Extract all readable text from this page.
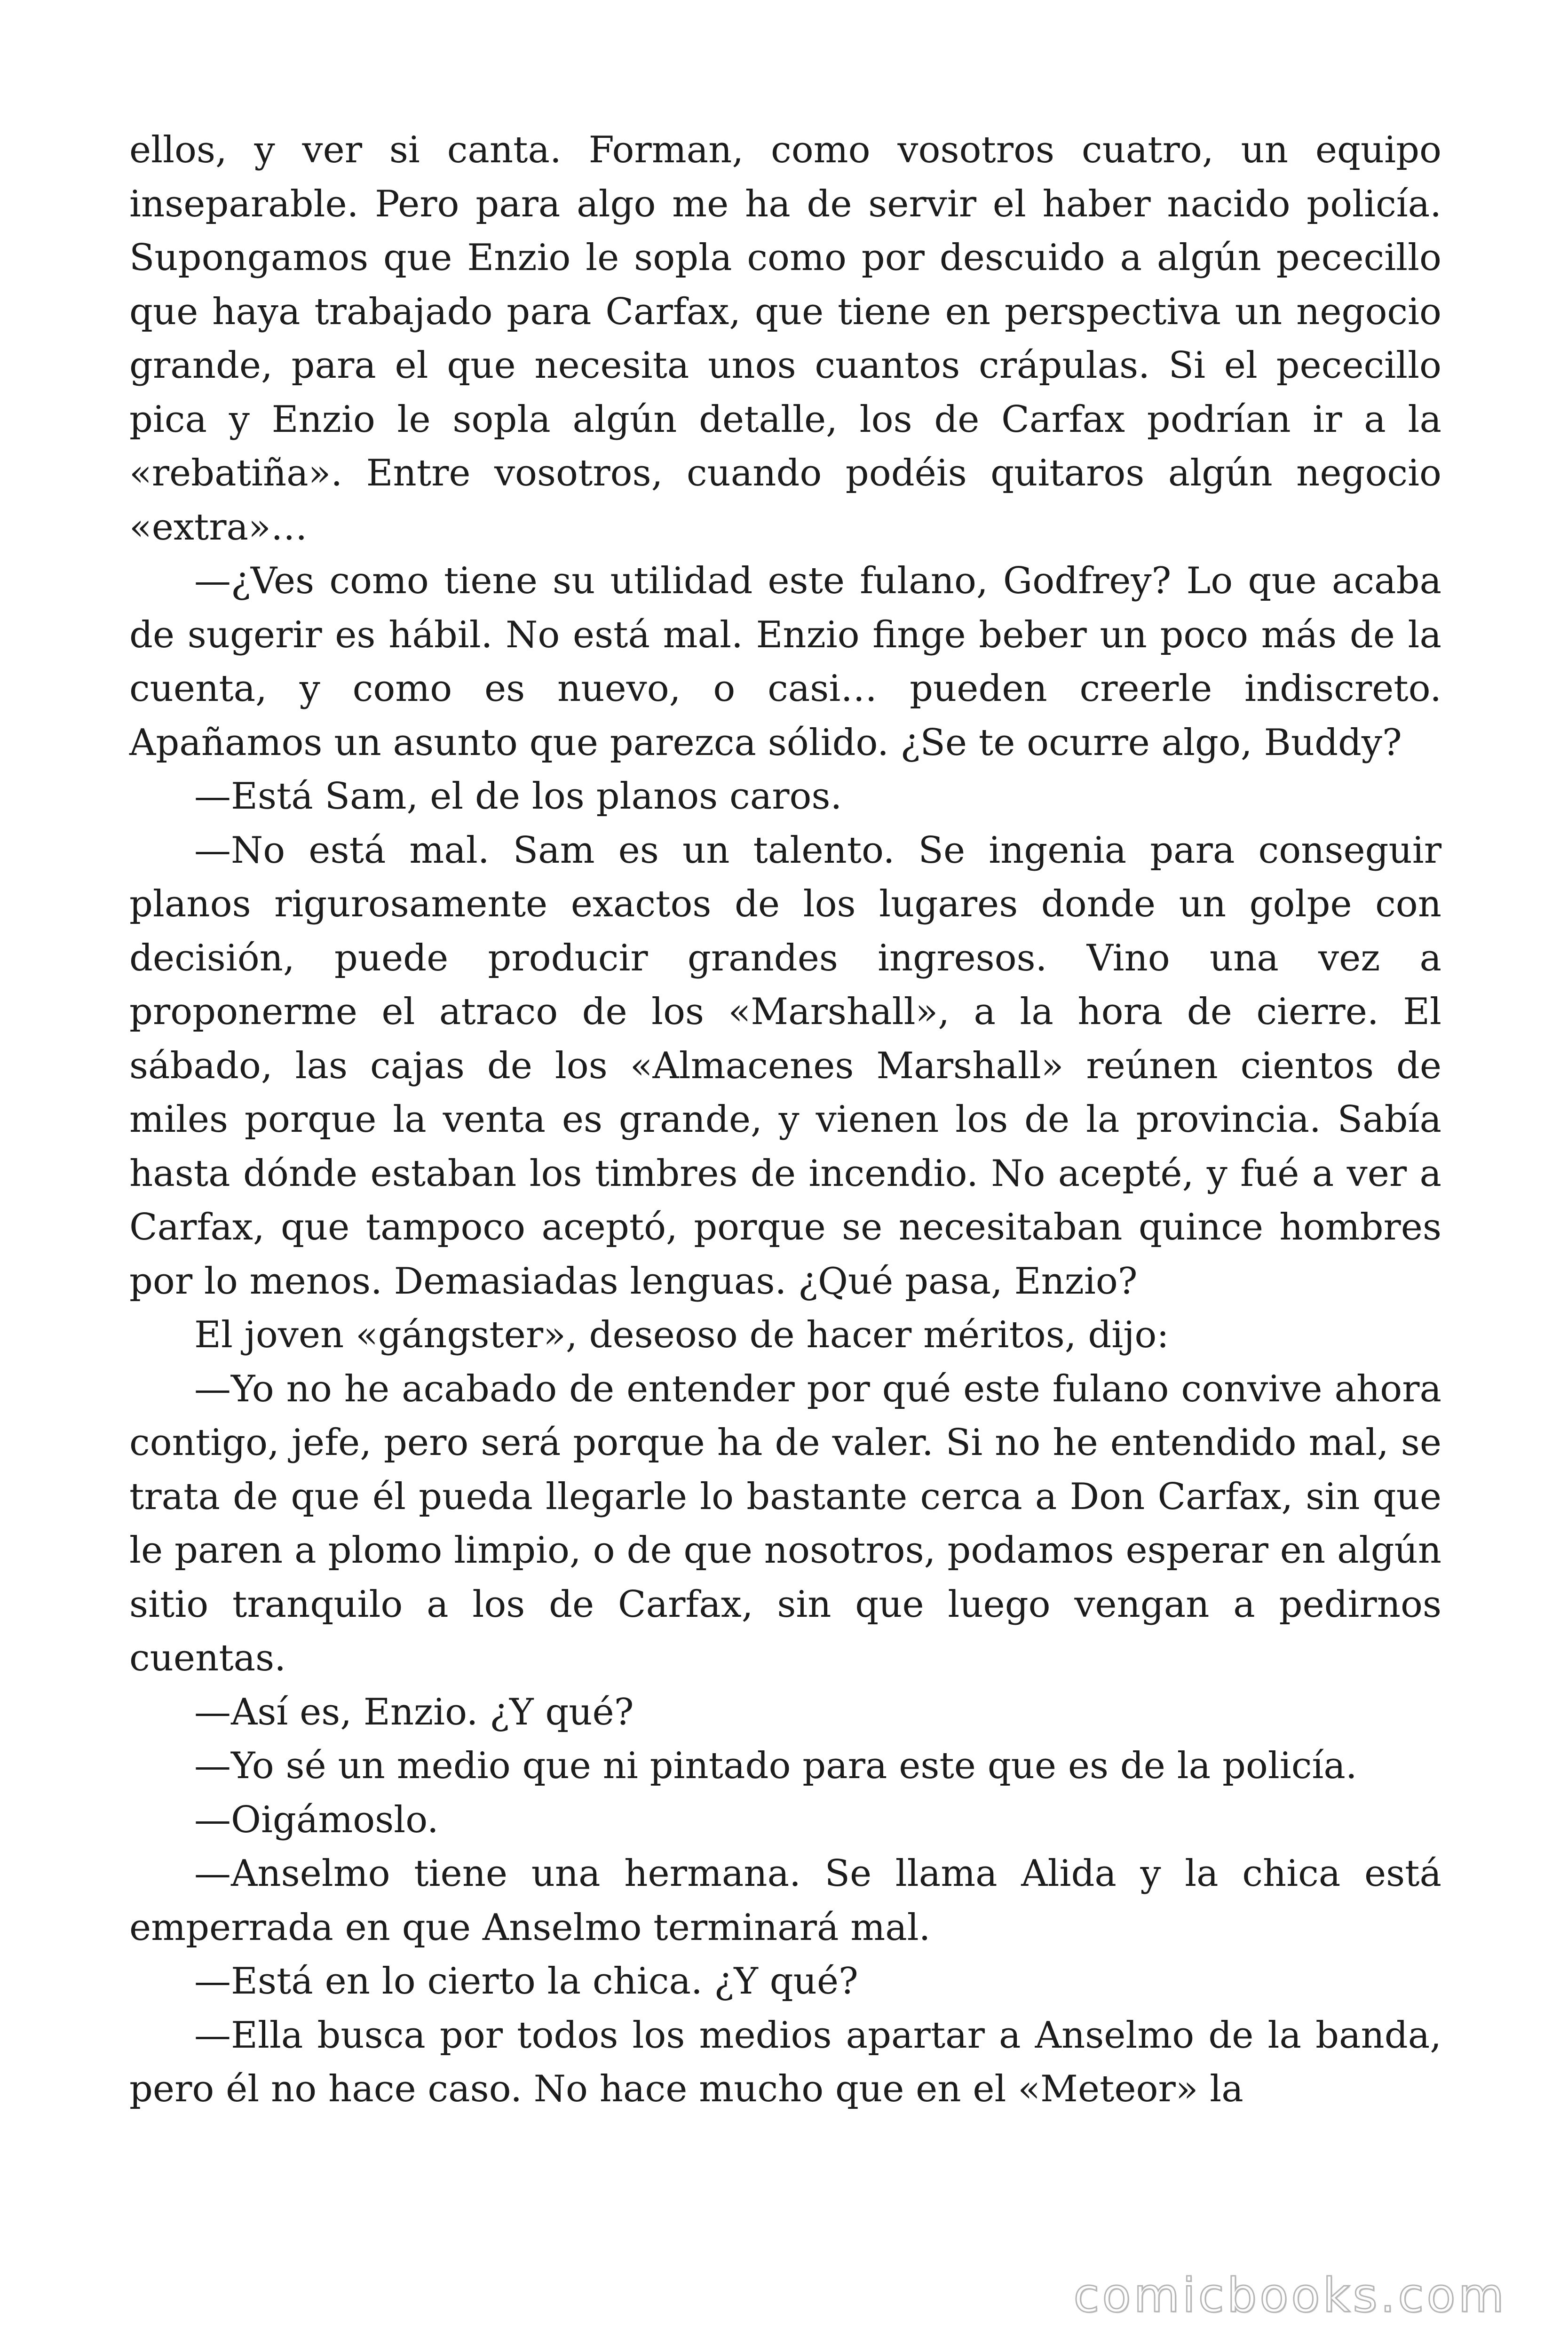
ellos, y ver si canta. Forman, como vosotros cuatro, un equipo inseparable. Pero para algo me ha de servir el haber nacido policía. Supongamos que Enzio le sopla como por descuido a algún pececillo que haya trabajado para Carfax, que tiene en perspectiva un negocio grande, para el que necesita unos cuantos crápulas. Si el pececillo pica y Enzio le sopla algún detalle, los de Carfax podrían ir a la «rebatiña». Entre vosotros, cuando podéis quitaros algún negocio «extra»…

—¿Ves como tiene su utilidad este fulano, Godfrey? Lo que acaba de sugerir es hábil. No está mal. Enzio finge beber un poco más de la cuenta, y como es nuevo, o casi… pueden creerle indiscreto. Apañamos un asunto que parezca sólido. ¿Se te ocurre algo, Buddy?

—Está Sam, el de los planos caros.

—No está mal. Sam es un talento. Se ingenia para conseguir planos rigurosamente exactos de los lugares donde un golpe con decisión, puede producir grandes ingresos. Vino una vez a proponerme el atraco de los «Marshall», a la hora de cierre. El sábado, las cajas de los «Almacenes Marshall» reúnen cientos de miles porque la venta es grande, y vienen los de la provincia. Sabía hasta dónde estaban los timbres de incendio. No acepté, y fué a ver a Carfax, que tampoco aceptó, porque se necesitaban quince hombres por lo menos. Demasiadas lenguas. ¿Qué pasa, Enzio?

El joven «gángster», deseoso de hacer méritos, dijo:

—Yo no he acabado de entender por qué este fulano convive ahora contigo, jefe, pero será porque ha de valer. Si no he entendido mal, se trata de que él pueda llegarle lo bastante cerca a Don Carfax, sin que le paren a plomo limpio, o de que nosotros, podamos esperar en algún sitio tranquilo a los de Carfax, sin que luego vengan a pedirnos cuentas.

—Así es, Enzio. ¿Y qué?

—Yo sé un medio que ni pintado para este que es de la policía.

—Oigámoslo.

—Anselmo tiene una hermana. Se llama Alida y la chica está emperrada en que Anselmo terminará mal.

—Está en lo cierto la chica. ¿Y qué?

—Ella busca por todos los medios apartar a Anselmo de la banda, pero él no hace caso. No hace mucho que en el «Meteor» la

comicbooks.com
